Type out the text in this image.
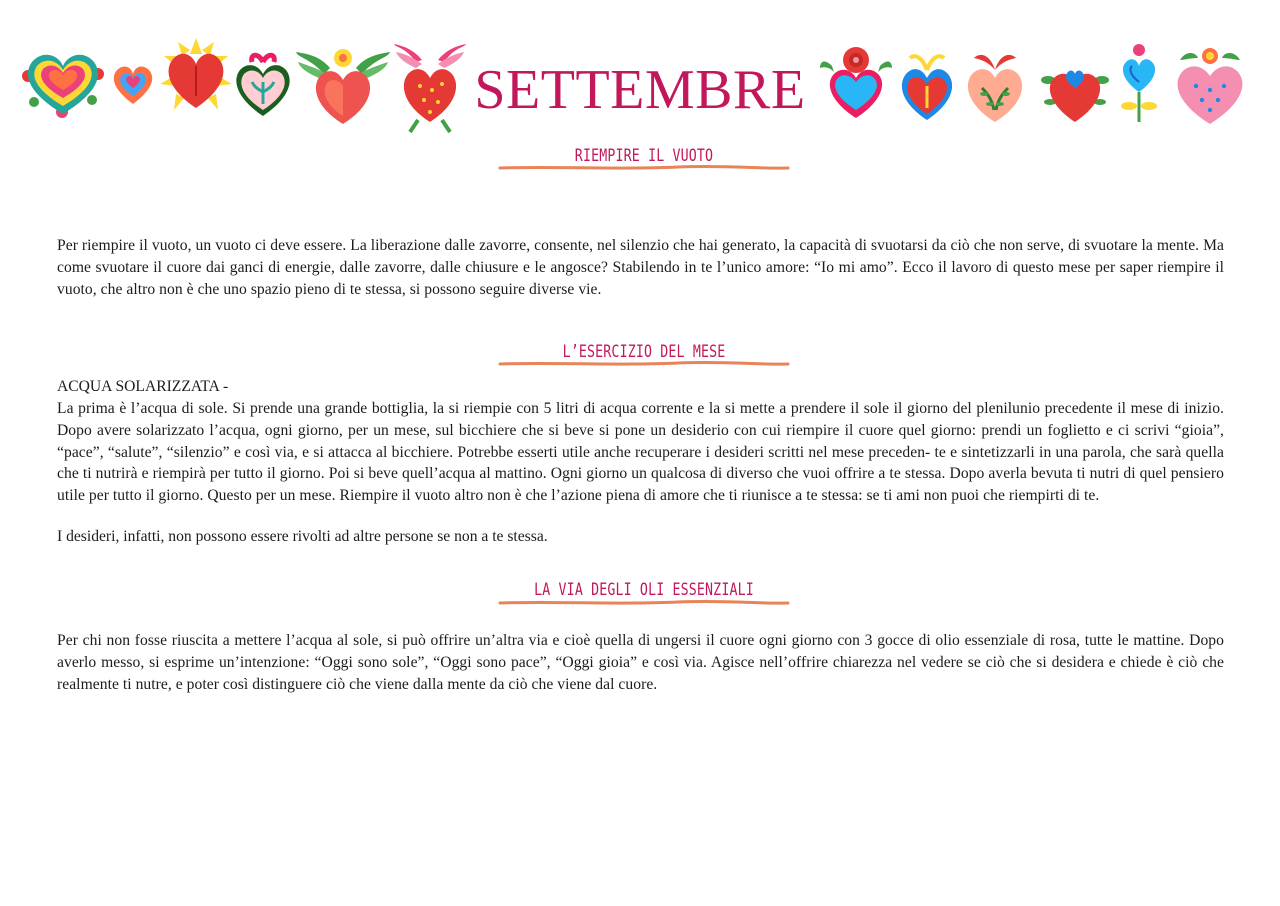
SETTEMBRE
RIEMPIRE IL VUOTO

Per riempire il vuoto, un vuoto ci deve essere. La liberazione dalle zavorre, consente, nel silenzio che hai generato, la capacità di svuotarsi da ciò che non serve, di svuotare la mente. Ma come svuotare il cuore dai ganci di energie, dalle zavorre, dalle chiusure e le angosce? Stabilendo in te l’unico amore: “Io mi amo”. Ecco il lavoro di questo mese per saper riempire il vuoto, che altro non è che uno spazio pieno di te stessa, si possono seguire diverse vie.

L’ESERCIZIO DEL MESE

ACQUA SOLARIZZATA -

La prima è l’acqua di sole. Si prende una grande bottiglia, la si riempie con 5 litri di acqua corrente e la si mette a prendere il sole il giorno del plenilunio precedente il mese di inizio. Dopo avere solarizzato l’acqua, ogni giorno, per un mese, sul bicchiere che si beve si pone un desiderio con cui riempire il cuore quel giorno: prendi un foglietto e ci scrivi “gioia”, “pace”, “salute”, “silenzio” e così via, e si attacca al bicchiere. Potrebbe esserti utile anche recuperare i desideri scritti nel mese preceden- te e sintetizzarli in una parola, che sarà quella che ti nutrirà e riempirà per tutto il giorno. Poi si beve quell’acqua al mattino. Ogni giorno un qualcosa di diverso che vuoi offrire a te stessa. Dopo averla bevuta ti nutri di quel pensiero utile per tutto il giorno. Questo per un mese. Riempire il vuoto altro non è che l’azione piena di amore che ti riunisce a te stessa: se ti ami non puoi che riempirti di te.

I desideri, infatti, non possono essere rivolti ad altre persone se non a te stessa.

LA VIA DEGLI OLI ESSENZIALI

Per chi non fosse riuscita a mettere l’acqua al sole, si può offrire un’altra via e cioè quella di ungersi il cuore ogni giorno con 3 gocce di olio essenziale di rosa, tutte le mattine. Dopo averlo messo, si esprime un’intenzione: “Oggi sono sole”, “Oggi sono pace”, “Oggi gioia” e così via. Agisce nell’offrire chiarezza nel vedere se ciò che si desidera e chiede è ciò che realmente ti nutre, e poter così distinguere ciò che viene dalla mente da ciò che viene dal cuore.
